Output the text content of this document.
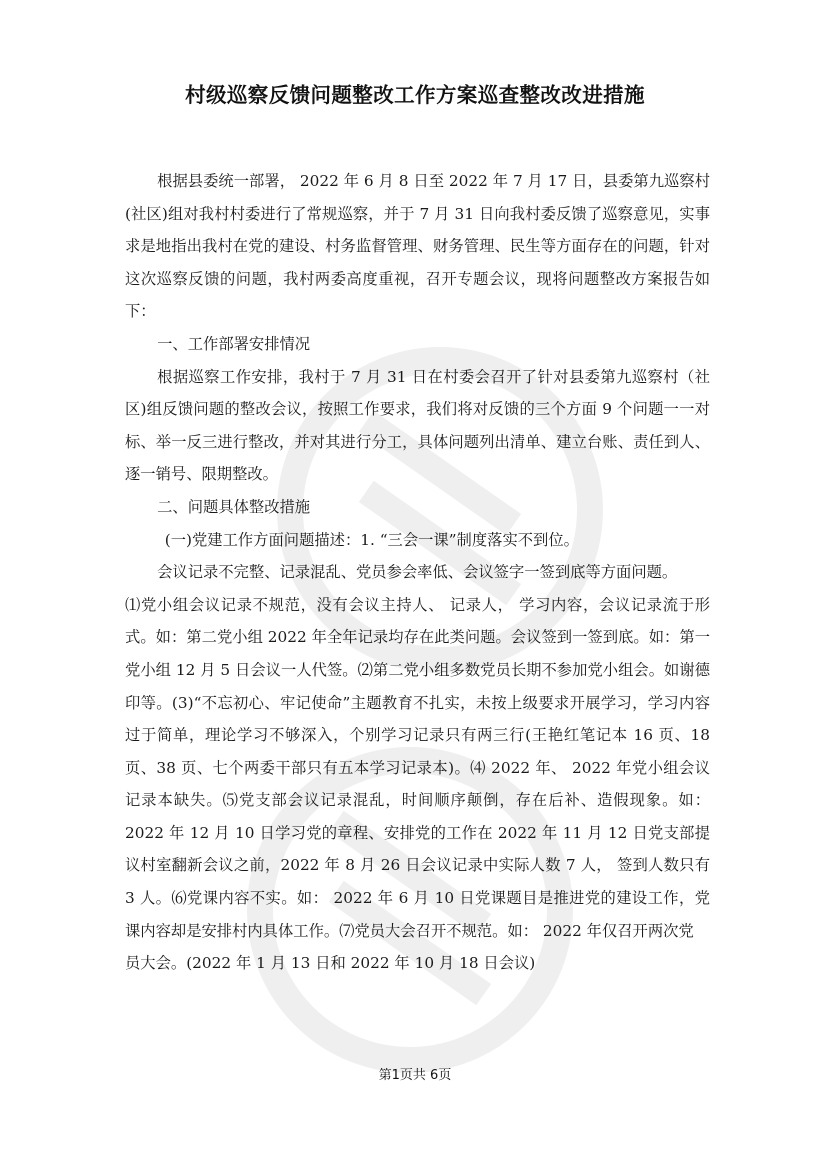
村级巡察反馈问题整改工作方案巡查整改改进措施

根据县委统一部署， 2022 年 6 月 8 日至 2022 年 7 月 17 日，县委第九巡察村(社区)组对我村村委进行了常规巡察，并于 7 月 31 日向我村委反馈了巡察意见，实事求是地指出我村在党的建设、村务监督管理、财务管理、民生等方面存在的问题，针对这次巡察反馈的问题，我村两委高度重视，召开专题会议，现将问题整改方案报告如下：

一、工作部署安排情况

根据巡察工作安排，我村于 7 月 31 日在村委会召开了针对县委第九巡察村（社区)组反馈问题的整改会议，按照工作要求，我们将对反馈的三个方面 9 个问题一一对标、举一反三进行整改，并对其进行分工，具体问题列出清单、建立台账、责任到人、逐一销号、限期整改。

二、问题具体整改措施

(一)党建工作方面问题描述：1. “三会一课”制度落实不到位。

会议记录不完整、记录混乱、党员参会率低、会议签字一签到底等方面问题。

⑴党小组会议记录不规范，没有会议主持人、 记录人， 学习内容，会议记录流于形式。如：第二党小组 2022 年全年记录均存在此类问题。会议签到一签到底。如：第一党小组 12 月 5 日会议一人代签。⑵第二党小组多数党员长期不参加党小组会。如谢德印等。(3)“不忘初心、牢记使命”主题教育不扎实，未按上级要求开展学习，学习内容过于简单，理论学习不够深入，个别学习记录只有两三行(王艳红笔记本 16 页、18 页、38 页、七个两委干部只有五本学习记录本)。⑷ 2022 年、 2022 年党小组会议记录本缺失。⑸党支部会议记录混乱，时间顺序颠倒，存在后补、造假现象。如： 2022 年 12 月 10 日学习党的章程、安排党的工作在 2022 年 11 月 12 日党支部提议村室翻新会议之前，2022 年 8 月 26 日会议记录中实际人数 7 人， 签到人数只有 3 人。⑹党课内容不实。如： 2022 年 6 月 10 日党课题目是推进党的建设工作，党课内容却是安排村内具体工作。⑺党员大会召开不规范。如： 2022 年仅召开两次党

员大会。(2022 年 1 月 13 日和 2022 年 10 月 18 日会议)

第1页共 6页
